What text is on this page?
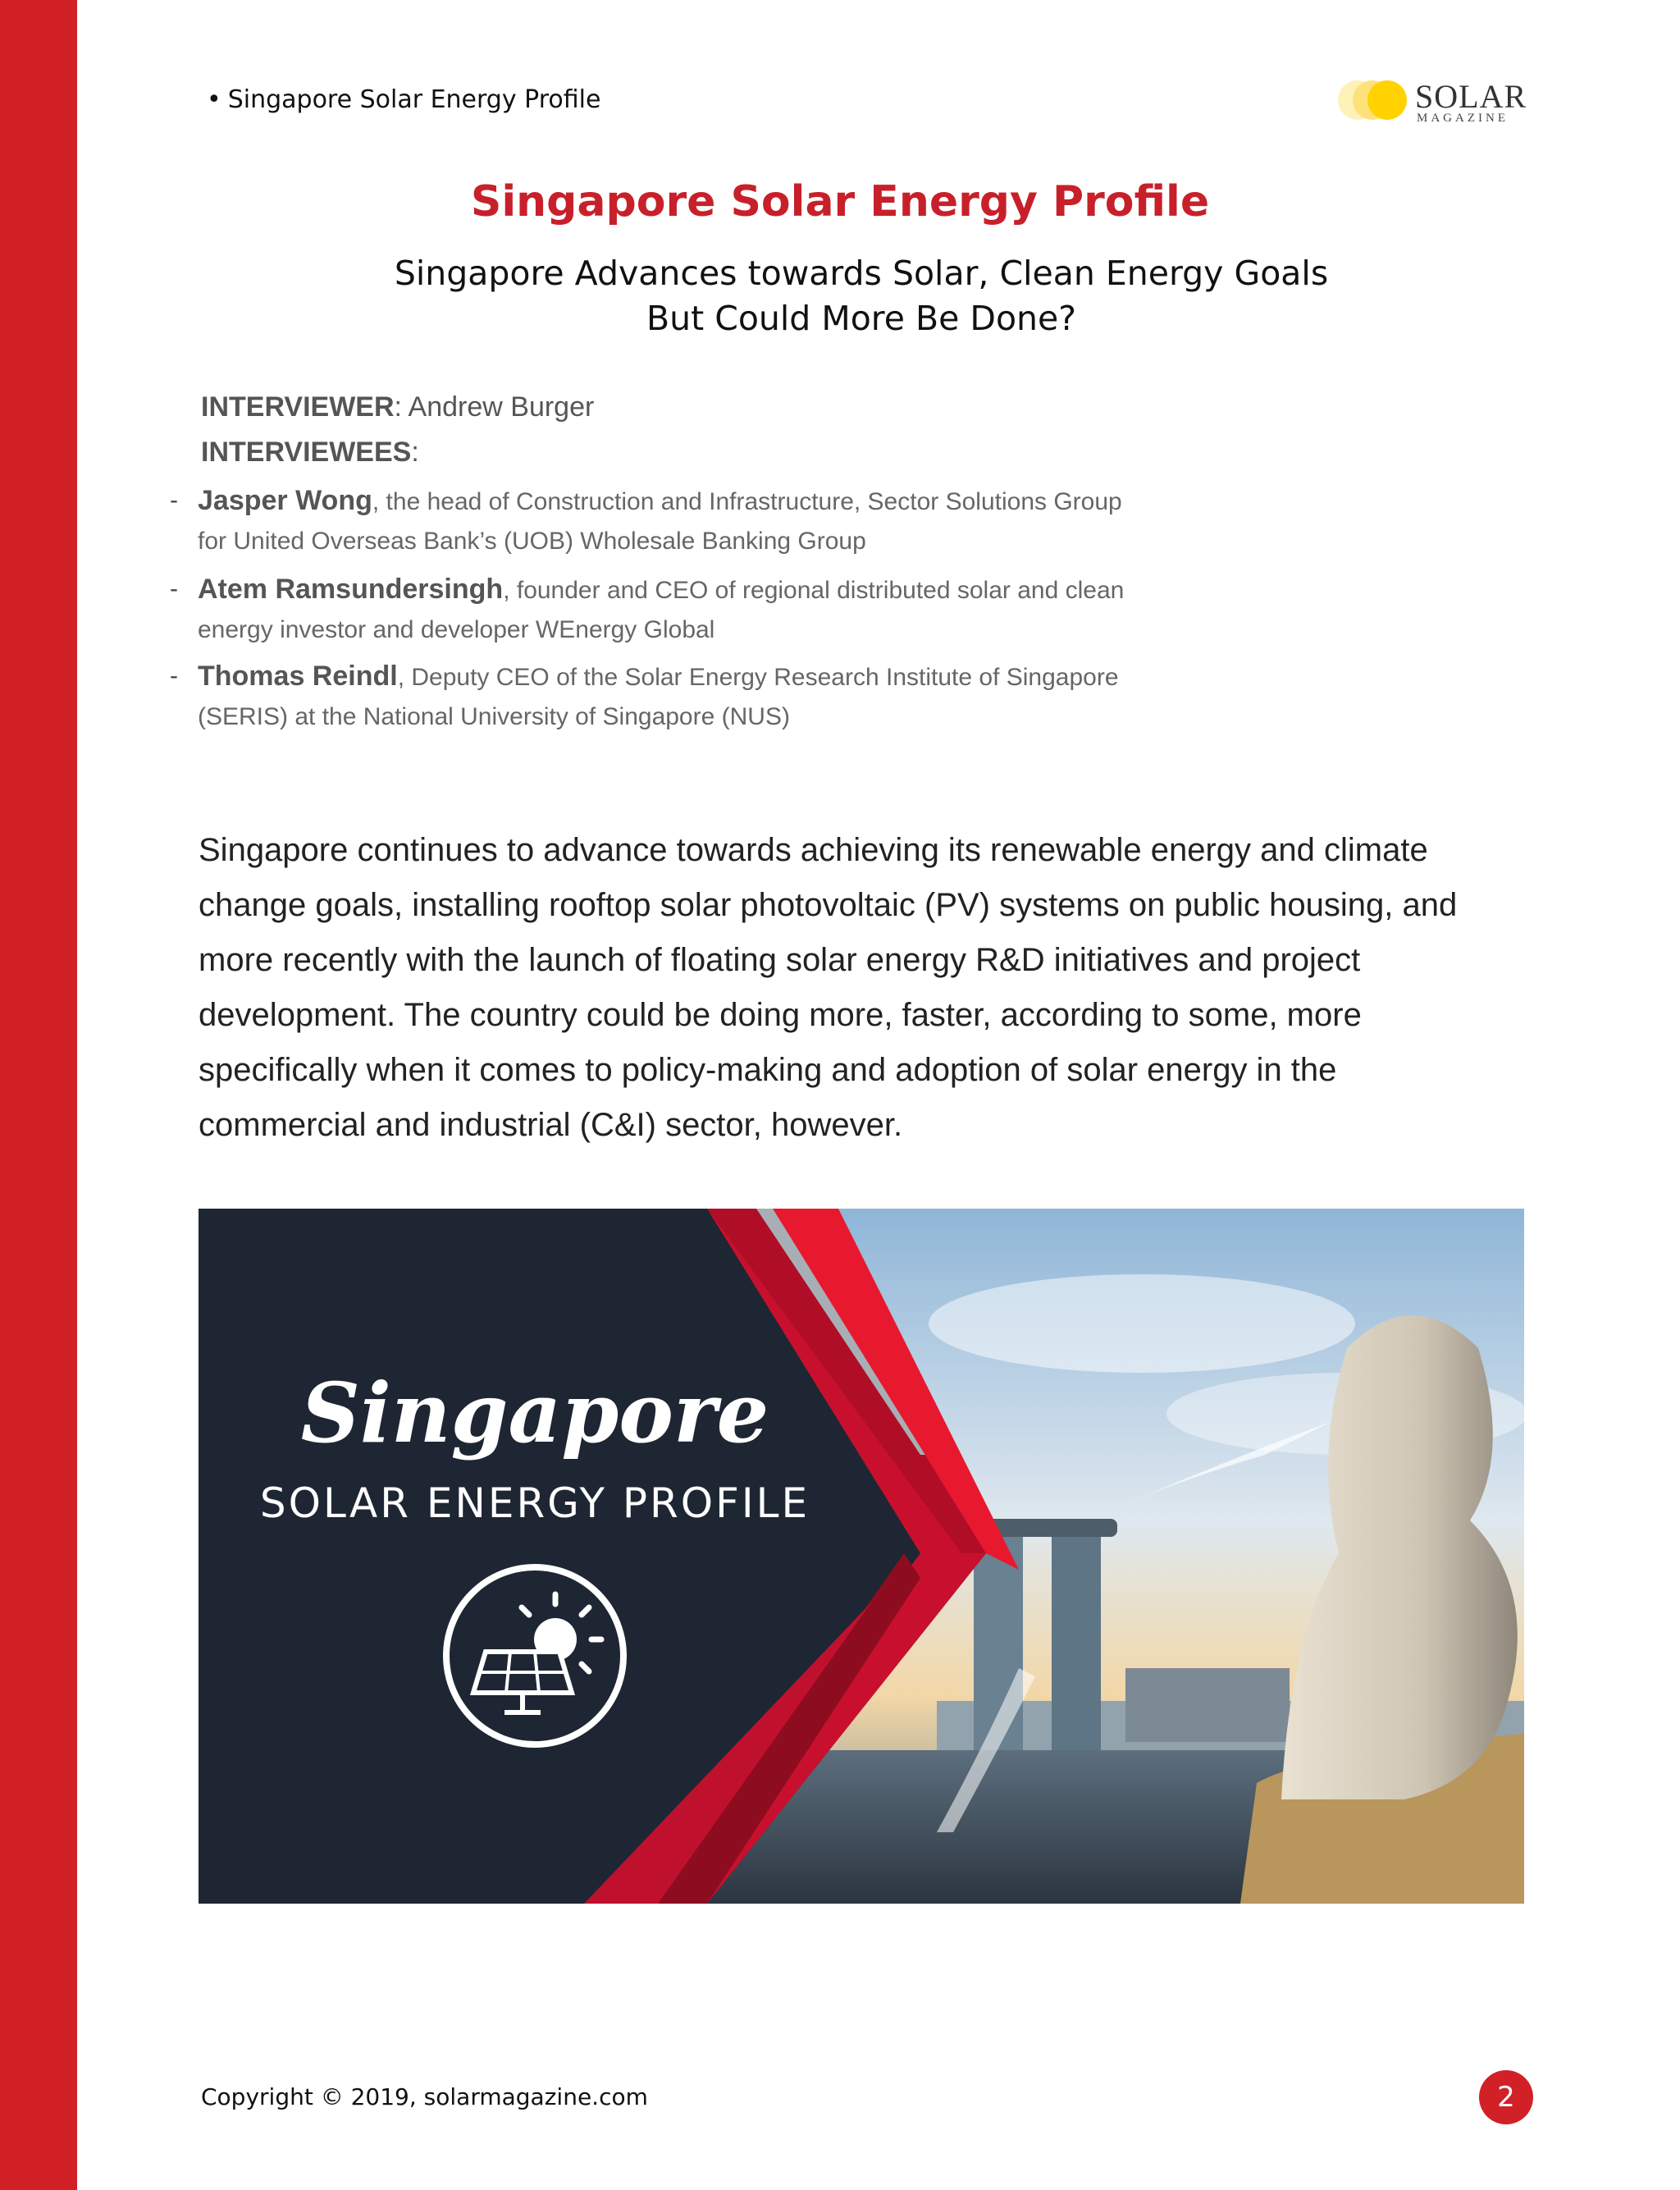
• Singapore Solar Energy Profile	SOLAR
MAGAZINE
Singapore Solar Energy Profile
Singapore Advances towards Solar, Clean Energy Goals
But Could More Be Done?
INTERVIEWER: Andrew Burger
INTERVIEWEES:
- Jasper Wong, the head of Construction and Infrastructure, Sector Solutions Group
for United Overseas Bank’s (UOB) Wholesale Banking Group
- Atem Ramsundersingh, founder and CEO of regional distributed solar and clean
energy investor and developer WEnergy Global
- Thomas Reindl, Deputy CEO of the Solar Energy Research Institute of Singapore
(SERIS) at the National University of Singapore (NUS)
Singapore continues to advance towards achieving its renewable energy and climate
change goals, installing rooftop solar photovoltaic (PV) systems on public housing, and
more recently with the launch of floating solar energy R&D initiatives and project
development. The country could be doing more, faster, according to some, more
specifically when it comes to policy-making and adoption of solar energy in the
commercial and industrial (C&I) sector, however.
Singapore
SOLAR ENERGY PROFILE
Copyright © 2019, solarmagazine.com	2
